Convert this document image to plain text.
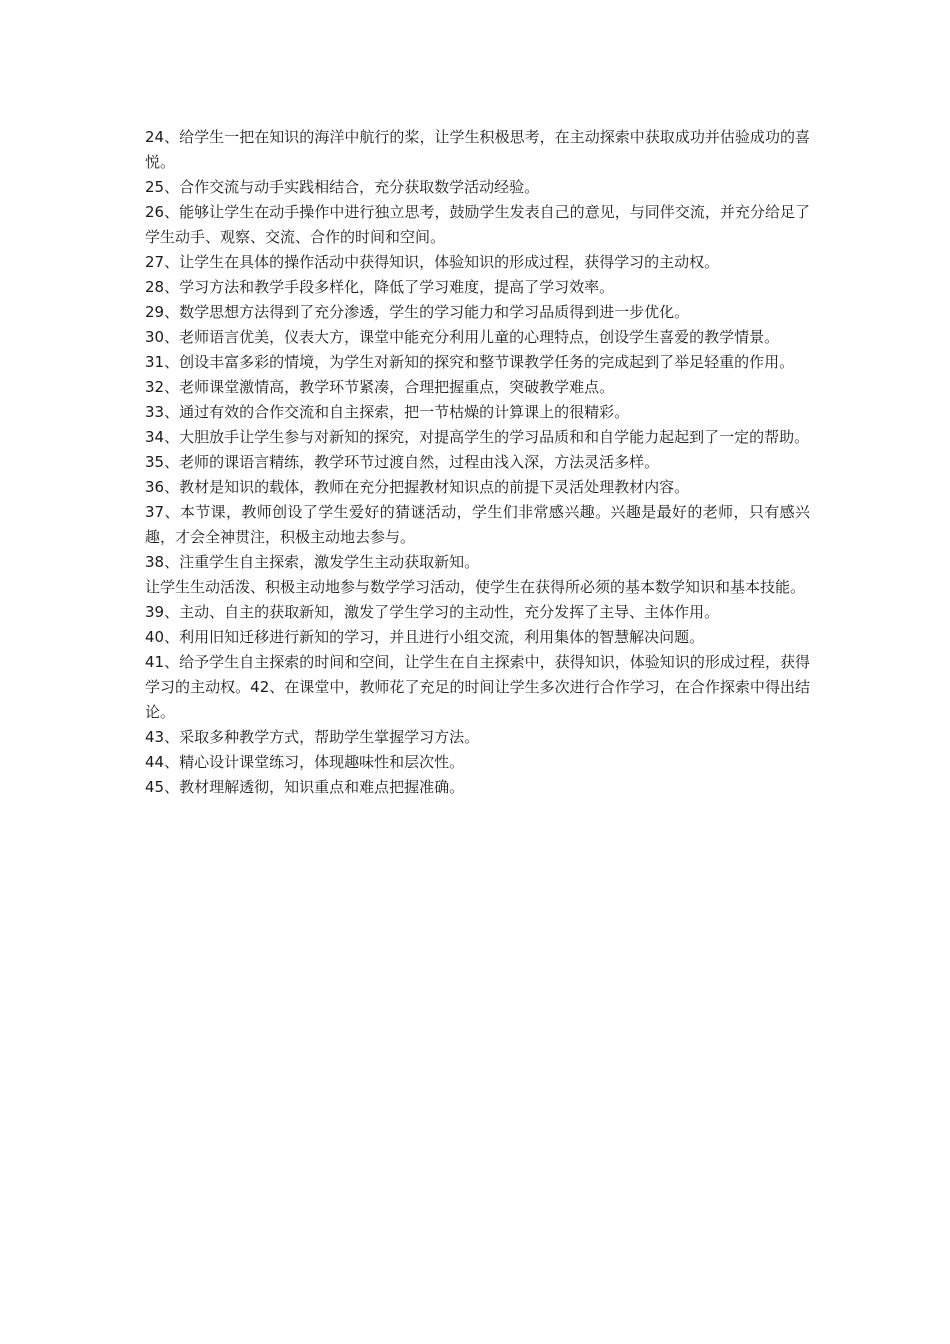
24、给学生一把在知识的海洋中航行的桨，让学生积极思考，在主动探索中获取成功并估验成功的喜悦。

25、合作交流与动手实践相结合，充分获取数学活动经验。

26、能够让学生在动手操作中进行独立思考，鼓励学生发表自己的意见，与同伴交流，并充分给足了学生动手、观察、交流、合作的时间和空间。

27、让学生在具体的操作活动中获得知识，体验知识的形成过程，获得学习的主动权。

28、学习方法和教学手段多样化，降低了学习难度，提高了学习效率。

29、数学思想方法得到了充分渗透，学生的学习能力和学习品质得到进一步优化。

30、老师语言优美，仪表大方，课堂中能充分利用儿童的心理特点，创设学生喜爱的教学情景。

31、创设丰富多彩的情境，为学生对新知的探究和整节课教学任务的完成起到了举足轻重的作用。

32、老师课堂激情高，教学环节紧凑，合理把握重点，突破教学难点。

33、通过有效的合作交流和自主探索，把一节枯燥的计算课上的很精彩。

34、大胆放手让学生参与对新知的探究，对提高学生的学习品质和和自学能力起起到了一定的帮助。

35、老师的课语言精练，教学环节过渡自然，过程由浅入深，方法灵活多样。

36、教材是知识的载体，教师在充分把握教材知识点的前提下灵活处理教材内容。

37、本节课，教师创设了学生爱好的猜谜活动，学生们非常感兴趣。兴趣是最好的老师，只有感兴趣，才会全神贯注，积极主动地去参与。

38、注重学生自主探索，激发学生主动获取新知。

让学生生动活泼、积极主动地参与数学学习活动，使学生在获得所必须的基本数学知识和基本技能。

39、主动、自主的获取新知，激发了学生学习的主动性，充分发挥了主导、主体作用。

40、利用旧知迁移进行新知的学习，并且进行小组交流，利用集体的智慧解决问题。

41、给予学生自主探索的时间和空间，让学生在自主探索中，获得知识，体验知识的形成过程，获得学习的主动权。42、在课堂中，教师花了充足的时间让学生多次进行合作学习，在合作探索中得出结论。

43、采取多种教学方式，帮助学生掌握学习方法。

44、精心设计课堂练习，体现趣味性和层次性。

45、教材理解透彻，知识重点和难点把握准确。
